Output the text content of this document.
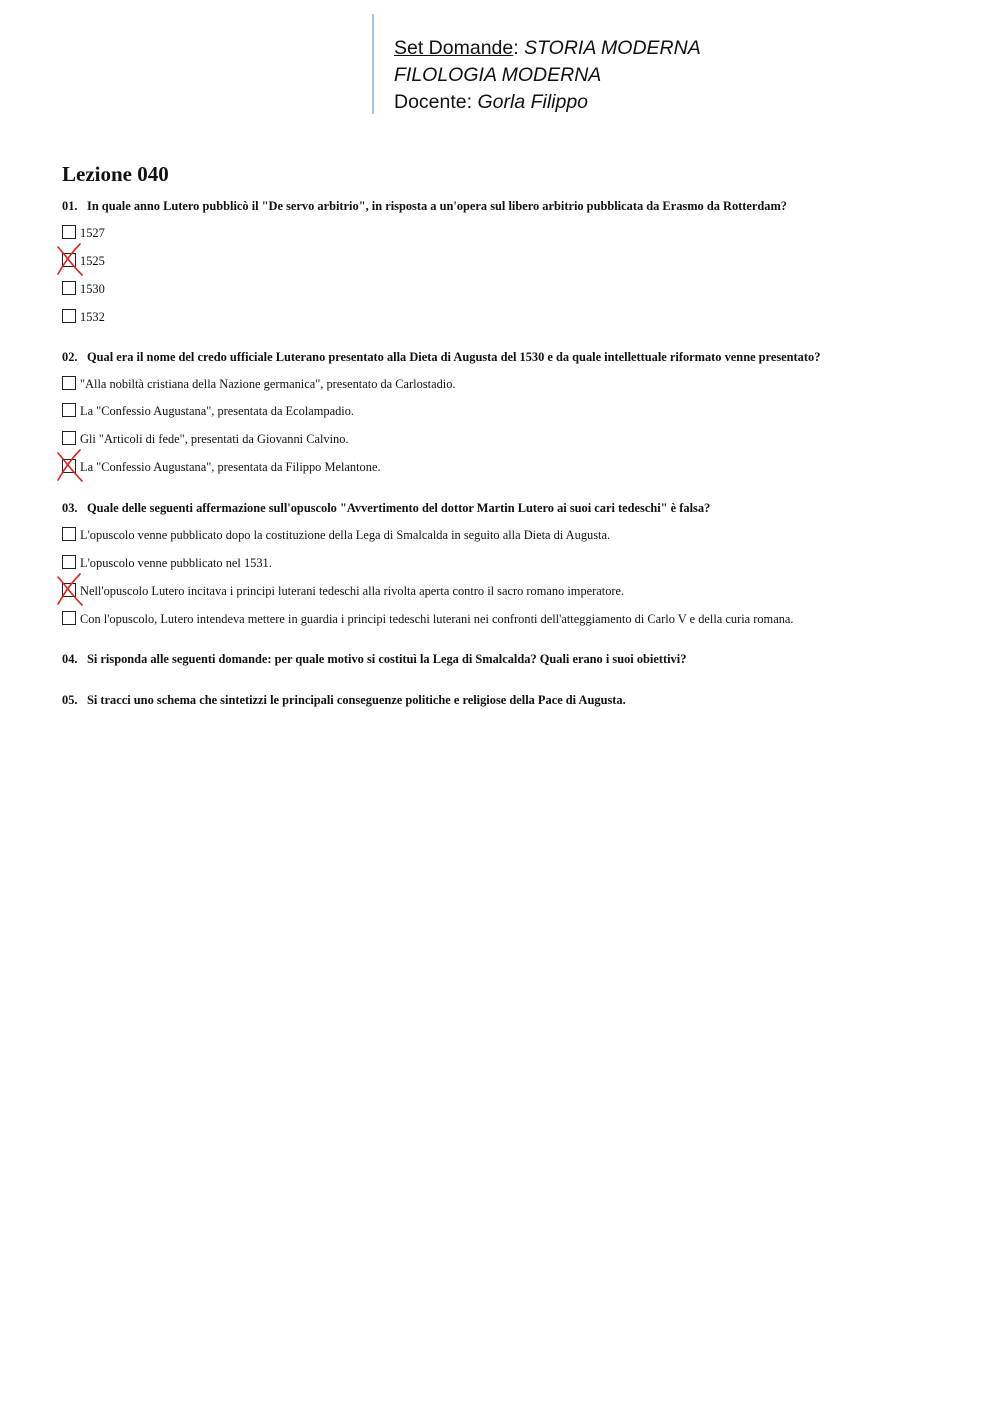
Set Domande: STORIA MODERNA
FILOLOGIA MODERNA
Docente: Gorla Filippo
Lezione 040
01. In quale anno Lutero pubblicò il "De servo arbitrio", in risposta a un'opera sul libero arbitrio pubblicata da Erasmo da Rotterdam?
1527
1525
1530
1532
02. Qual era il nome del credo ufficiale Luterano presentato alla Dieta di Augusta del 1530 e da quale intellettuale riformato venne presentato?
"Alla nobiltà cristiana della Nazione germanica", presentato da Carlostadio.
La "Confessio Augustana", presentata da Ecolampadio.
Gli "Articoli di fede", presentati da Giovanni Calvino.
La "Confessio Augustana", presentata da Filippo Melantone.
03. Quale delle seguenti affermazione sull'opuscolo "Avvertimento del dottor Martin Lutero ai suoi cari tedeschi" è falsa?
L'opuscolo venne pubblicato dopo la costituzione della Lega di Smalcalda in seguito alla Dieta di Augusta.
L'opuscolo venne pubblicato nel 1531.
Nell'opuscolo Lutero incitava i principi luterani tedeschi alla rivolta aperta contro il sacro romano imperatore.
Con l'opuscolo, Lutero intendeva mettere in guardia i principi tedeschi luterani nei confronti dell'atteggiamento di Carlo V e della curia romana.
04. Si risponda alle seguenti domande: per quale motivo si costituì la Lega di Smalcalda? Quali erano i suoi obiettivi?
05. Si tracci uno schema che sintetizzi le principali conseguenze politiche e religiose della Pace di Augusta.
